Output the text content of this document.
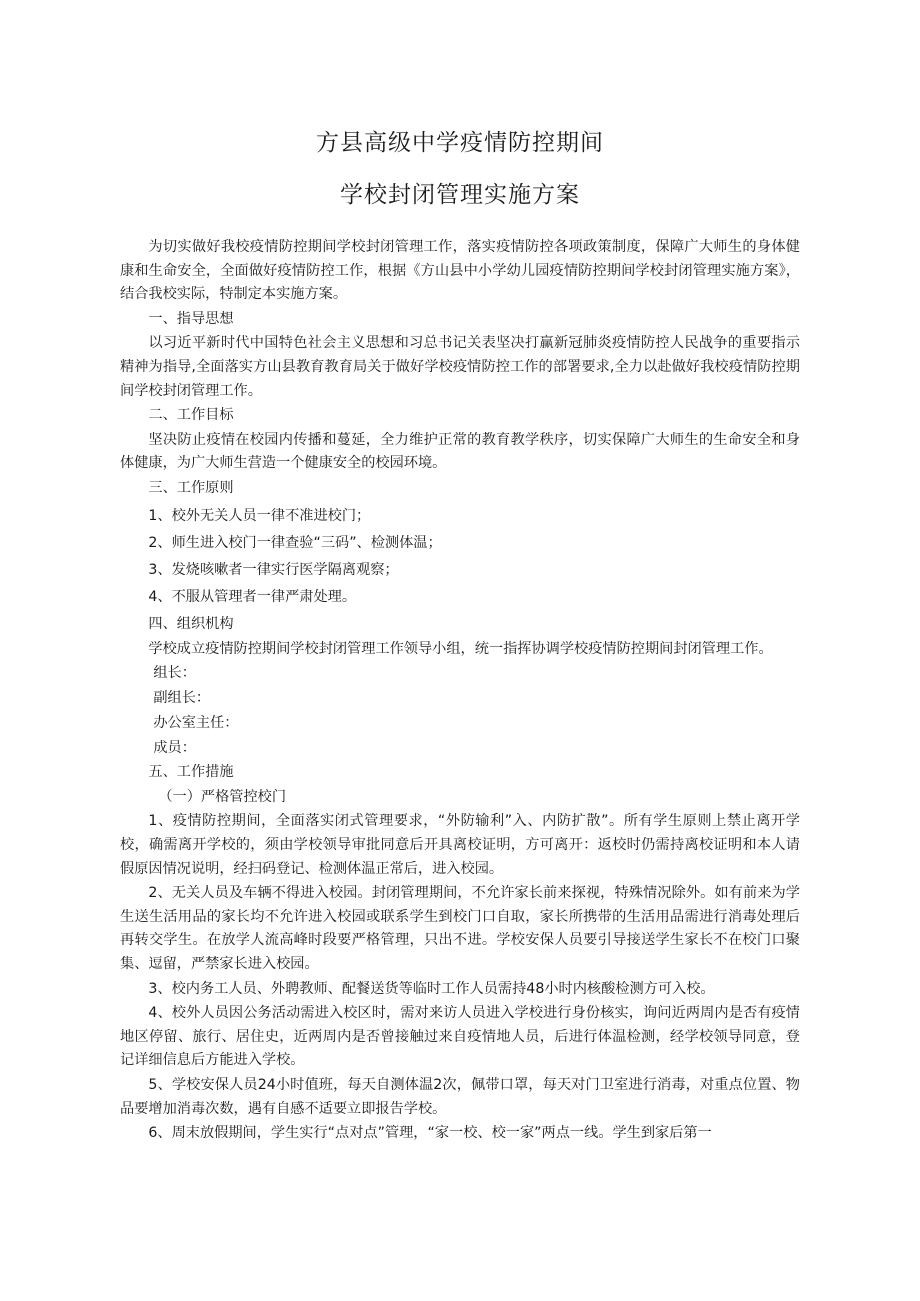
方县高级中学疫情防控期间
学校封闭管理实施方案

为切实做好我校疫情防控期间学校封闭管理工作，落实疫情防控各项政策制度，保障广大师生的身体健康和生命安全，全面做好疫情防控工作，根据《方山县中小学幼儿园疫情防控期间学校封闭管理实施方案》，结合我校实际，特制定本实施方案。

一、指导思想

以习近平新时代中国特色社会主义思想和习总书记关表坚决打赢新冠肺炎疫情防控人民战争的重要指示精神为指导,全面落实方山县教育教育局关于做好学校疫情防控工作的部署要求,全力以赴做好我校疫情防控期间学校封闭管理工作。

二、工作目标

坚决防止疫情在校园内传播和蔓延，全力维护正常的教育教学秩序，切实保障广大师生的生命安全和身体健康，为广大师生营造一个健康安全的校园环境。

三、工作原则

1、校外无关人员一律不准进校门；

2、师生进入校门一律查验“三码”、检测体温；

3、发烧咳嗽者一律实行医学隔离观察；

4、不服从管理者一律严肃处理。

四、组织机构

学校成立疫情防控期间学校封闭管理工作领导小组，统一指挥协调学校疫情防控期间封闭管理工作。

组长：

副组长：

办公室主任：

成员：

五、工作措施

（一）严格管控校门

1、疫情防控期间，全面落实闭式管理要求，“外防输利”入、内防扩散”。所有学生原则上禁止离开学校，确需离开学校的，须由学校领导审批同意后开具离校证明，方可离开：返校时仍需持离校证明和本人请假原因情况说明，经扫码登记、检测体温正常后，进入校园。

2、无关人员及车辆不得进入校园。封闭管理期间，不允许家长前来探视，特殊情况除外。如有前来为学生送生活用品的家长均不允许进入校园或联系学生到校门口自取，家长所携带的生活用品需进行消毒处理后再转交学生。在放学人流高峰时段要严格管理，只出不进。学校安保人员要引导接送学生家长不在校门口聚集、逗留，严禁家长进入校园。

3、校内务工人员、外聘教师、配餐送货等临时工作人员需持48小时内核酸检测方可入校。

4、校外人员因公务活动需进入校区时，需对来访人员进入学校进行身份核实，询问近两周内是否有疫情地区停留、旅行、居住史，近两周内是否曾接触过来自疫情地人员，后进行体温检测，经学校领导同意，登记详细信息后方能进入学校。

5、学校安保人员24小时值班，每天自测体温2次，佩带口罩，每天对门卫室进行消毒，对重点位置、物品要增加消毒次数，遇有自感不适要立即报告学校。

6、周末放假期间，学生实行“点对点”管理，“家一校、校一家”两点一线。学生到家后第一
